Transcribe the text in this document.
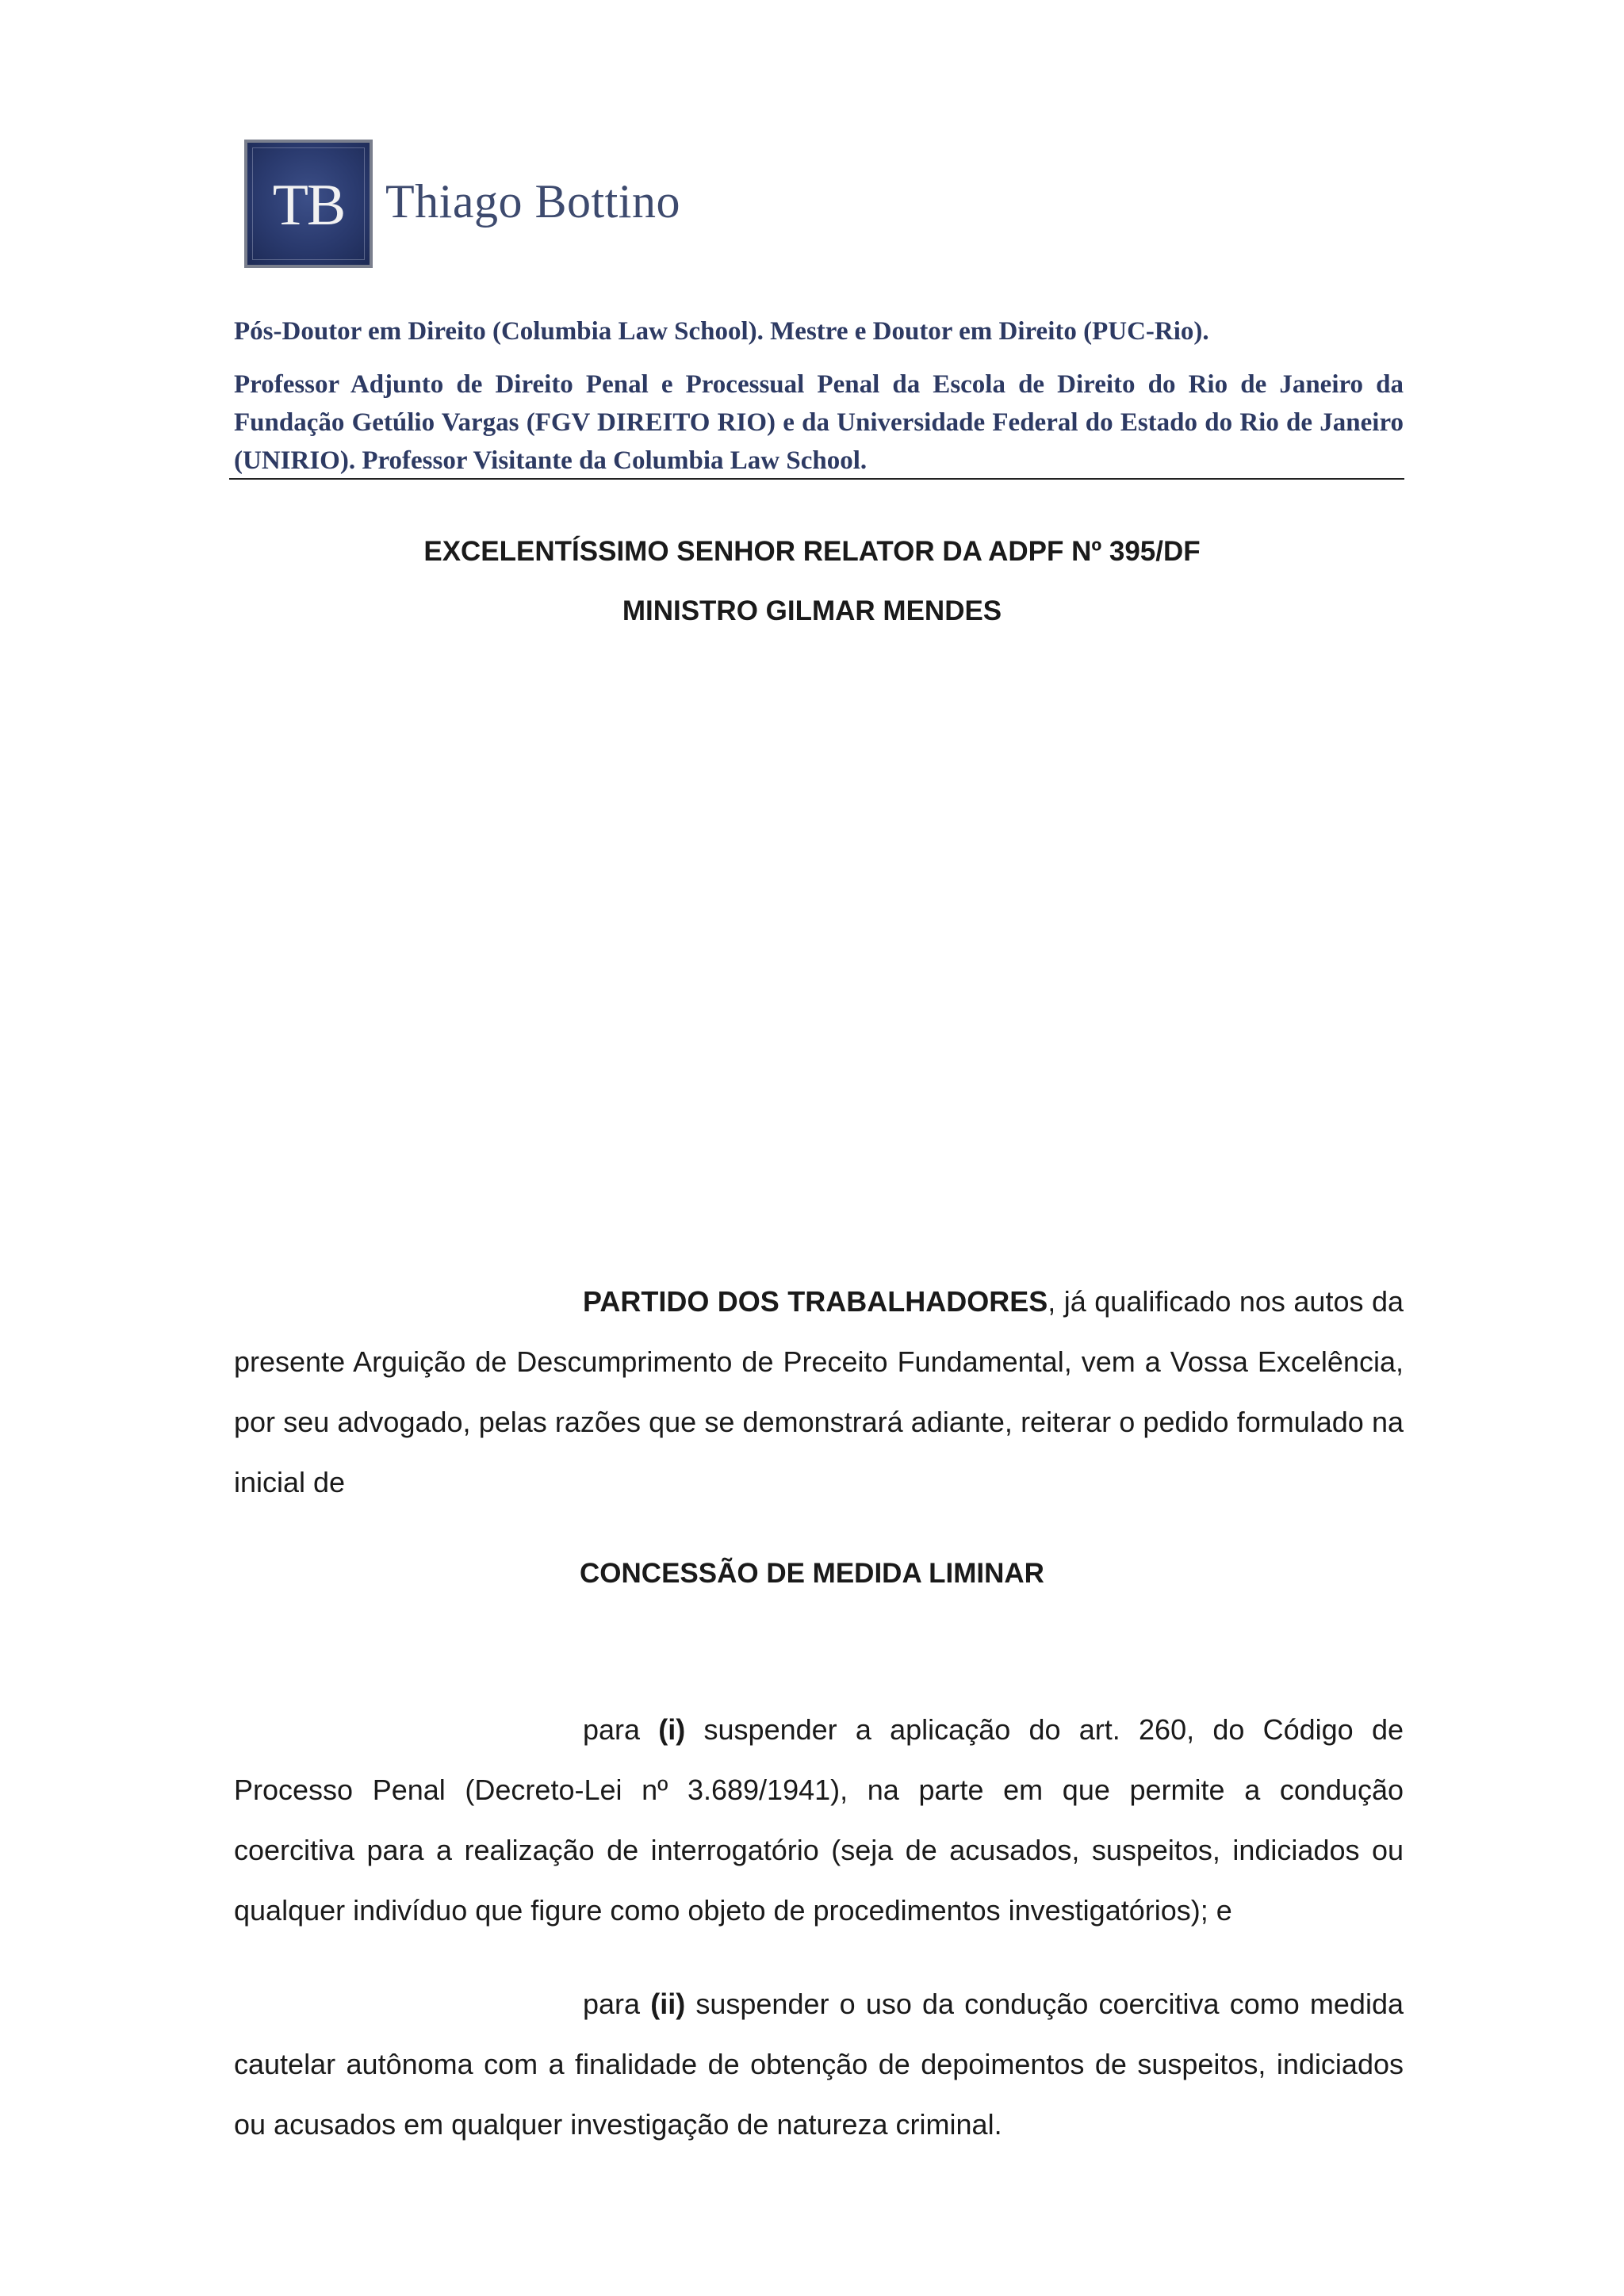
TB Thiago Bottino
Pós-Doutor em Direito (Columbia Law School). Mestre e Doutor em Direito (PUC-Rio).
Professor Adjunto de Direito Penal e Processual Penal da Escola de Direito do Rio de Janeiro da Fundação Getúlio Vargas (FGV DIREITO RIO) e da Universidade Federal do Estado do Rio de Janeiro (UNIRIO). Professor Visitante da Columbia Law School.
EXCELENTÍSSIMO SENHOR RELATOR DA ADPF Nº 395/DF
MINISTRO GILMAR MENDES

PARTIDO DOS TRABALHADORES, já qualificado nos autos da presente Arguição de Descumprimento de Preceito Fundamental, vem a Vossa Excelência, por seu advogado, pelas razões que se demonstrará adiante, reiterar o pedido formulado na inicial de

CONCESSÃO DE MEDIDA LIMINAR

para (i) suspender a aplicação do art. 260, do Código de Processo Penal (Decreto-Lei nº 3.689/1941), na parte em que permite a condução coercitiva para a realização de interrogatório (seja de acusados, suspeitos, indiciados ou qualquer indivíduo que figure como objeto de procedimentos investigatórios); e

para (ii) suspender o uso da condução coercitiva como medida cautelar autônoma com a finalidade de obtenção de depoimentos de suspeitos, indiciados ou acusados em qualquer investigação de natureza criminal.
